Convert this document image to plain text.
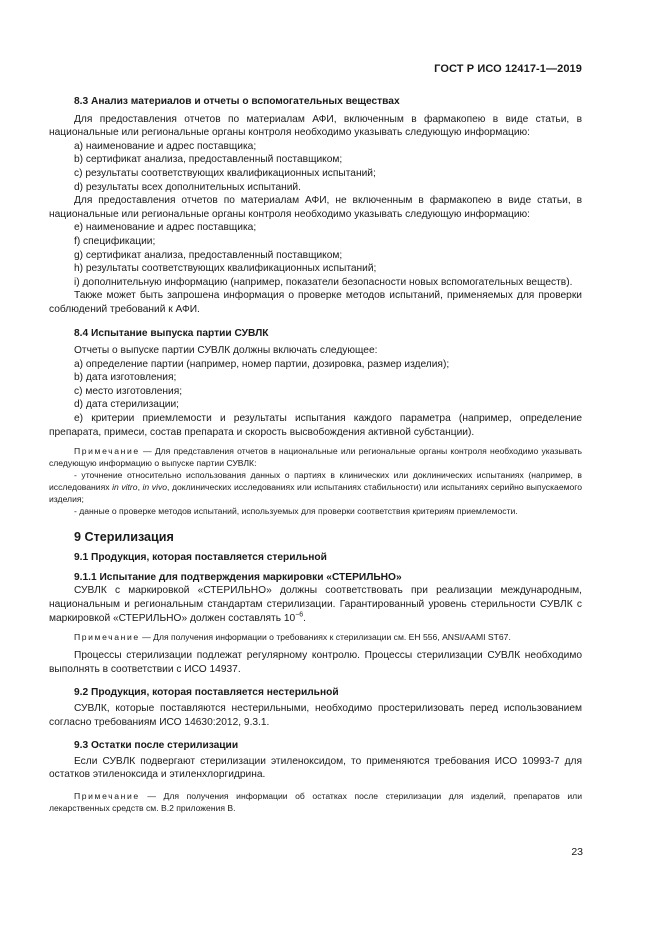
ГОСТ Р ИСО 12417-1—2019

8.3 Анализ материалов и отчеты о вспомогательных веществах

Для предоставления отчетов по материалам АФИ, включенным в фармакопею в виде статьи, в национальные или региональные органы контроля необходимо указывать следующую информацию:

a) наименование и адрес поставщика;

b) сертификат анализа, предоставленный поставщиком;

c) результаты соответствующих квалификационных испытаний;

d) результаты всех дополнительных испытаний.

Для предоставления отчетов по материалам АФИ, не включенным в фармакопею в виде статьи, в национальные или региональные органы контроля необходимо указывать следующую информацию:

e) наименование и адрес поставщика;

f) спецификации;

g) сертификат анализа, предоставленный поставщиком;

h) результаты соответствующих квалификационных испытаний;

i) дополнительную информацию (например, показатели безопасности новых вспомогательных веществ).

Также может быть запрошена информация о проверке методов испытаний, применяемых для проверки соблюдений требований к АФИ.

8.4 Испытание выпуска партии СУВЛК

Отчеты о выпуске партии СУВЛК должны включать следующее:

a) определение партии (например, номер партии, дозировка, размер изделия);

b) дата изготовления;

c) место изготовления;

d) дата стерилизации;

e) критерии приемлемости и результаты испытания каждого параметра (например, определение препарата, примеси, состав препарата и скорость высвобождения активной субстанции).

Примечание — Для представления отчетов в национальные или региональные органы контроля необходимо указывать следующую информацию о выпуске партии СУВЛК:

- уточнение относительно использования данных о партиях в клинических или доклинических испытаниях (например, в исследованиях in vitro, in vivo, доклинических исследованиях или испытаниях стабильности) или испытаниях серийно выпускаемого изделия;

- данные о проверке методов испытаний, используемых для проверки соответствия критериям приемлемости.

9 Стерилизация

9.1 Продукция, которая поставляется стерильной

9.1.1 Испытание для подтверждения маркировки «СТЕРИЛЬНО»

СУВЛК с маркировкой «СТЕРИЛЬНО» должны соответствовать при реализации международным, национальным и региональным стандартам стерилизации. Гарантированный уровень стерильности СУВЛК с маркировкой «СТЕРИЛЬНО» должен составлять $10^{-6}$.

Примечание — Для получения информации о требованиях к стерилизации см. ЕН 556, ANSI/AAMI ST67.

Процессы стерилизации подлежат регулярному контролю. Процессы стерилизации СУВЛК необходимо выполнять в соответствии с ИСО 14937.

9.2 Продукция, которая поставляется нестерильной

СУВЛК, которые поставляются нестерильными, необходимо простерилизовать перед использованием согласно требованиям ИСО 14630:2012, 9.3.1.

9.3 Остатки после стерилизации

Если СУВЛК подвергают стерилизации этиленоксидом, то применяются требования ИСО 10993-7 для остатков этиленоксида и этиленхлоргидрина.

Примечание — Для получения информации об остатках после стерилизации для изделий, препаратов или лекарственных средств см. В.2 приложения В.

23
